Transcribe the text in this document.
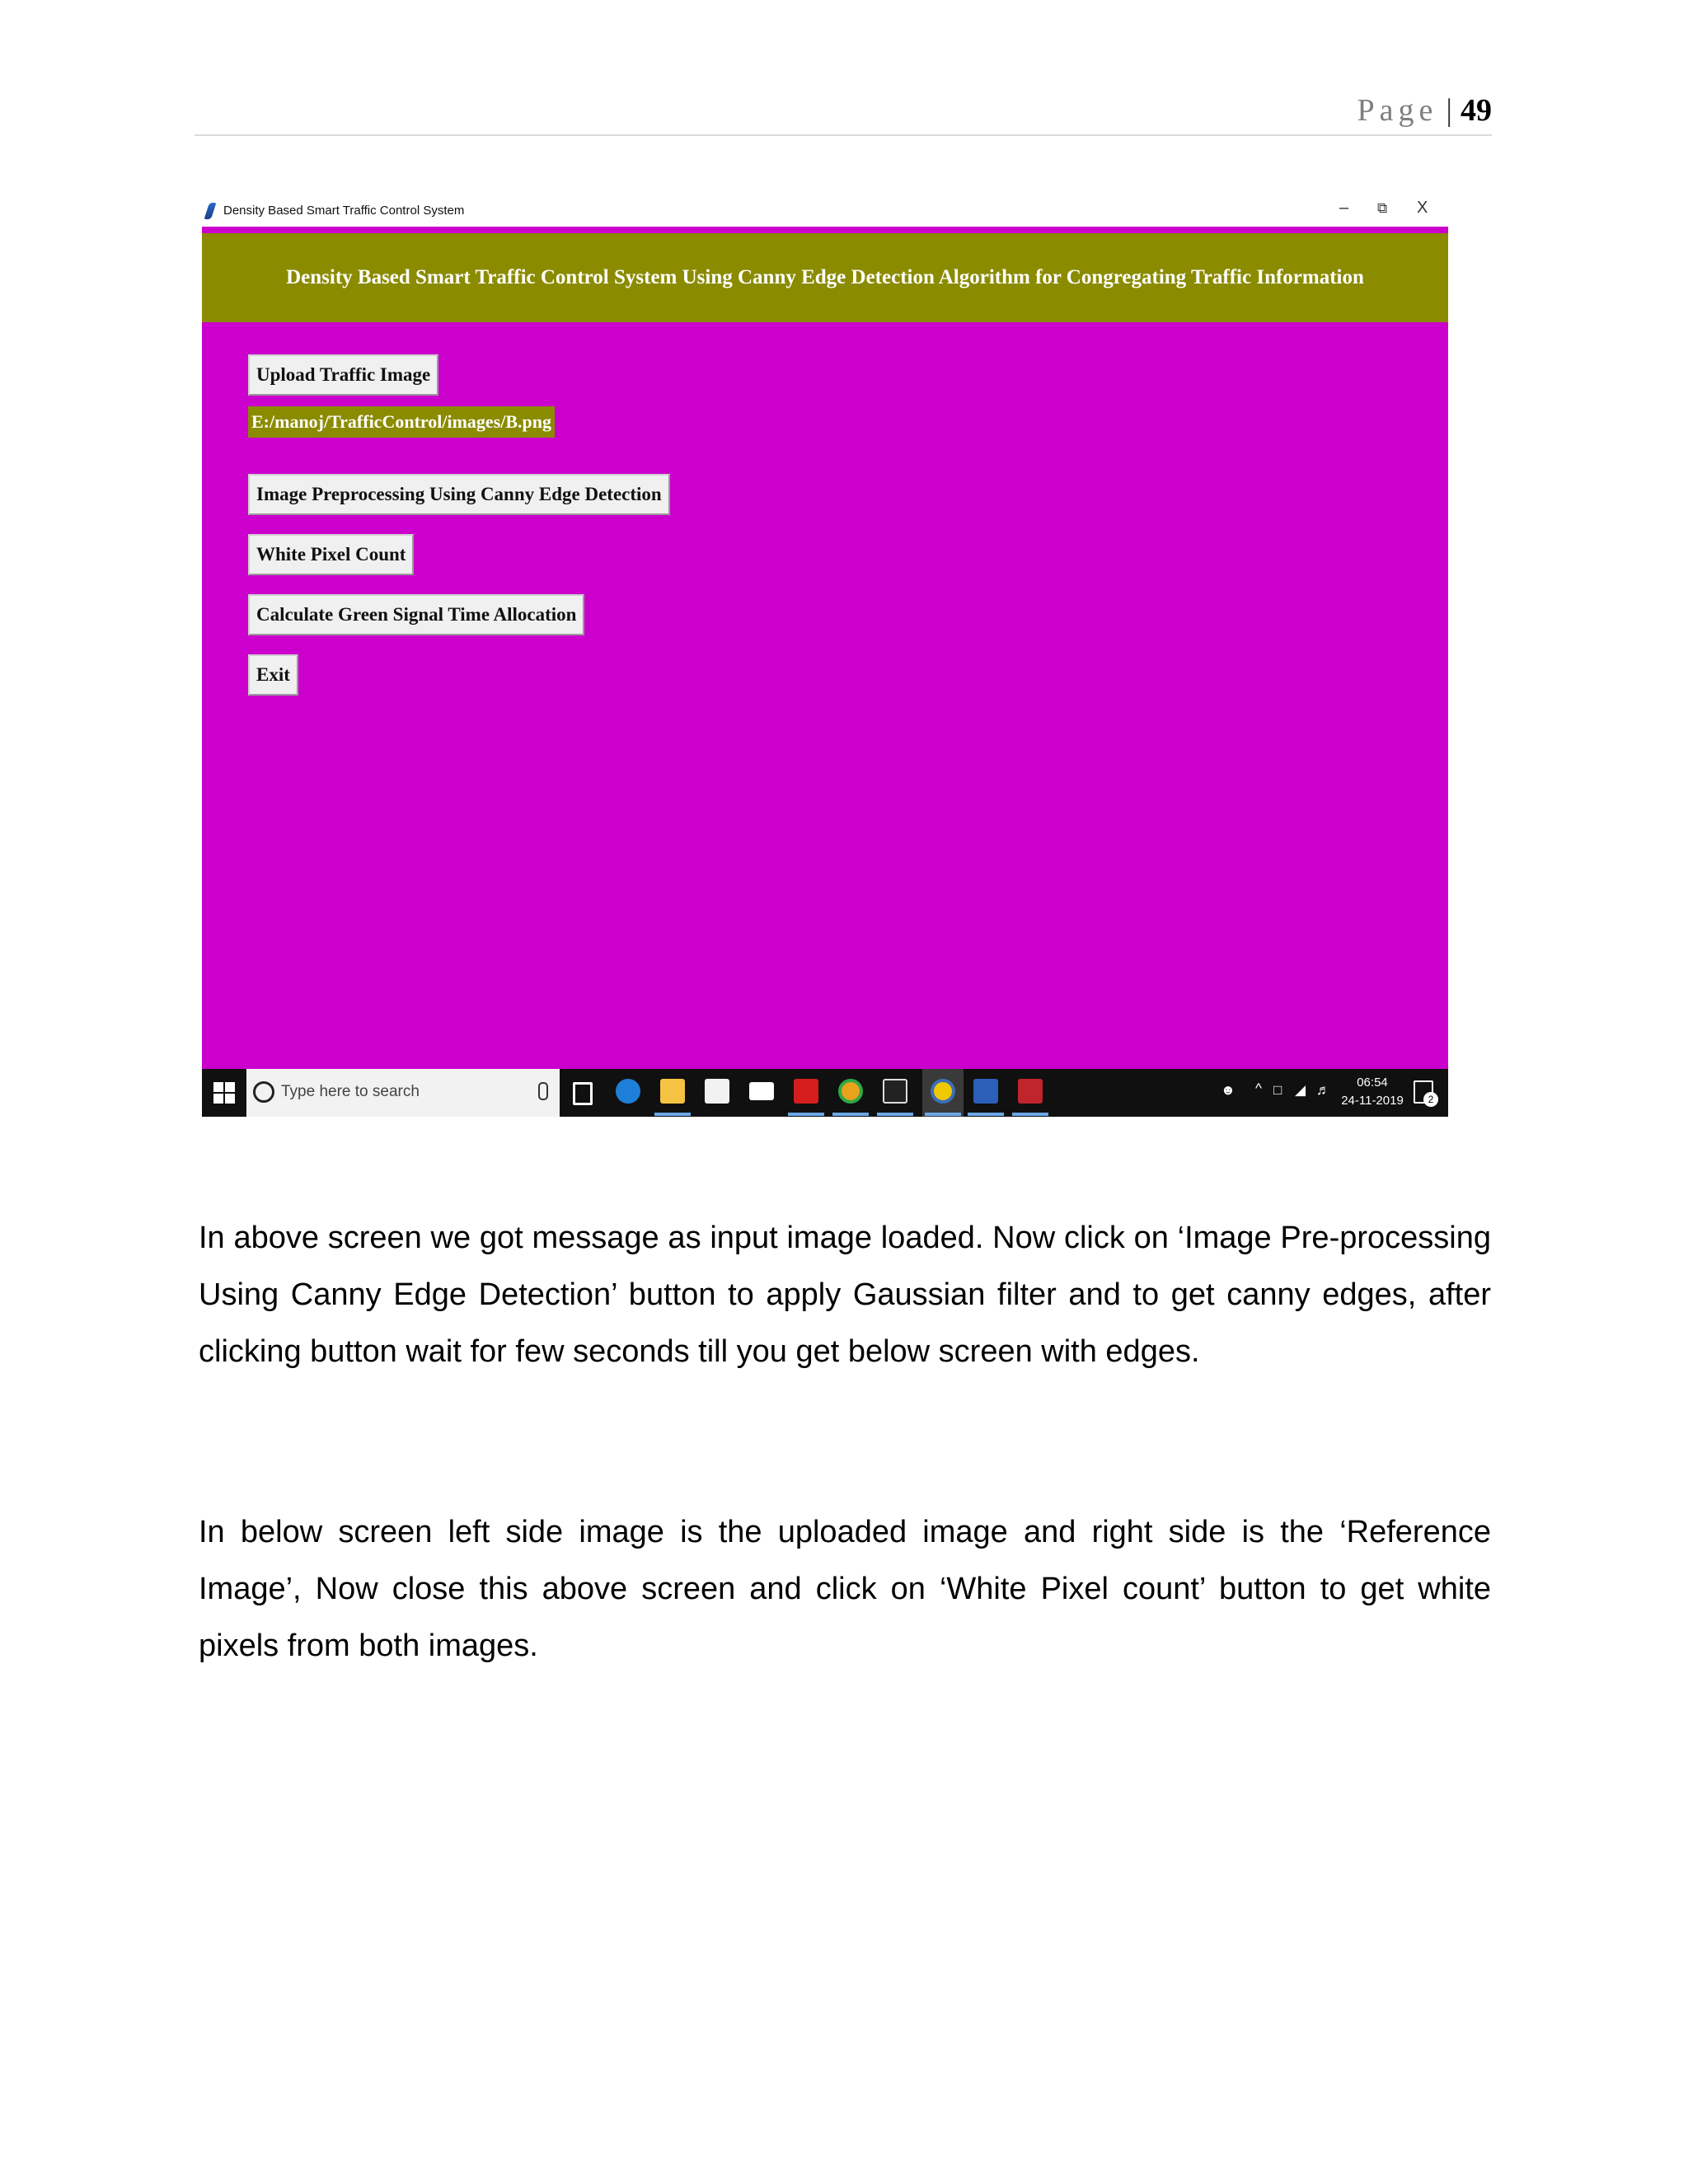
Page | 49
Density Based Smart Traffic Control System	– ⧉ X
Density Based Smart Traffic Control System Using Canny Edge Detection Algorithm for Congregating Traffic Information
Upload Traffic Image
E:/manoj/TrafficControl/images/B.png
Image Preprocessing Using Canny Edge Detection
White Pixel Count
Calculate Green Signal Time Allocation
Exit
Type here to search	☻ ^ □ ◢ ♬	06:54
24-11-2019	2

In above screen we got message as input image loaded. Now click on ‘Image Pre-processing Using Canny Edge Detection’ button to apply Gaussian filter and to get canny edges, after clicking button wait for few seconds till you get below screen with edges.

In below screen left side image is the uploaded image and right side is the ‘Reference Image’, Now close this above screen and click on ‘White Pixel count’ button to get white pixels from both images.
